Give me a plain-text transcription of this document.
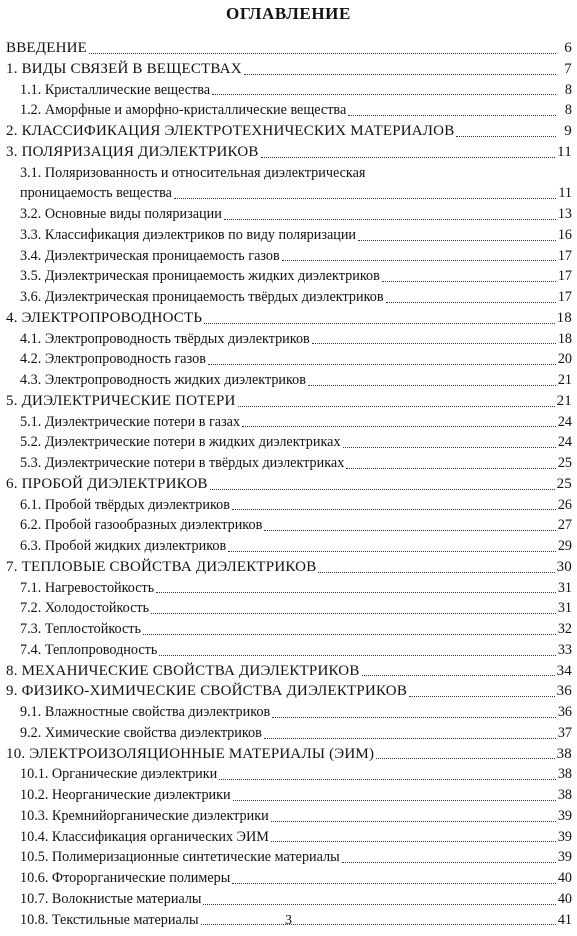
ОГЛАВЛЕНИЕ
ВВЕДЕНИЕ	6
1. ВИДЫ СВЯЗЕЙ В ВЕЩЕСТВАХ	7
1.1. Кристаллические вещества	8
1.2. Аморфные и аморфно-кристаллические вещества	8
2. КЛАССИФИКАЦИЯ ЭЛЕКТРОТЕХНИЧЕСКИХ МАТЕРИАЛОВ	9
3. ПОЛЯРИЗАЦИЯ ДИЭЛЕКТРИКОВ	11
3.1. Поляризованность и относительная диэлектрическая
проницаемость вещества	11
3.2. Основные виды поляризации	13
3.3. Классификация диэлектриков по виду поляризации	16
3.4. Диэлектрическая проницаемость газов	17
3.5. Диэлектрическая проницаемость жидких диэлектриков	17
3.6. Диэлектрическая проницаемость твёрдых диэлектриков	17
4. ЭЛЕКТРОПРОВОДНОСТЬ	18
4.1. Электропроводность твёрдых диэлектриков	18
4.2. Электропроводность газов	20
4.3. Электропроводность жидких диэлектриков	21
5. ДИЭЛЕКТРИЧЕСКИЕ ПОТЕРИ	21
5.1. Диэлектрические потери в газах	24
5.2. Диэлектрические потери в жидких диэлектриках	24
5.3. Диэлектрические потери в твёрдых диэлектриках	25
6. ПРОБОЙ ДИЭЛЕКТРИКОВ	25
6.1. Пробой твёрдых диэлектриков	26
6.2. Пробой газообразных диэлектриков	27
6.3. Пробой жидких диэлектриков	29
7. ТЕПЛОВЫЕ СВОЙСТВА ДИЭЛЕКТРИКОВ	30
7.1. Нагревостойкость	31
7.2. Холодостойкость	31
7.3. Теплостойкость	32
7.4. Теплопроводность	33
8. МЕХАНИЧЕСКИЕ СВОЙСТВА ДИЭЛЕКТРИКОВ	34
9. ФИЗИКО-ХИМИЧЕСКИЕ СВОЙСТВА ДИЭЛЕКТРИКОВ	36
9.1. Влажностные свойства диэлектриков	36
9.2. Химические свойства диэлектриков	37
10. ЭЛЕКТРОИЗОЛЯЦИОННЫЕ МАТЕРИАЛЫ (ЭИМ)	38
10.1. Органические диэлектрики	38
10.2. Неорганические диэлектрики	38
10.3. Кремнийорганические диэлектрики	39
10.4. Классификация органических ЭИМ	39
10.5. Полимеризационные синтетические материалы	39
10.6. Фторорганические полимеры	40
10.7. Волокнистые материалы	40
10.8. Текстильные материалы	41
3
